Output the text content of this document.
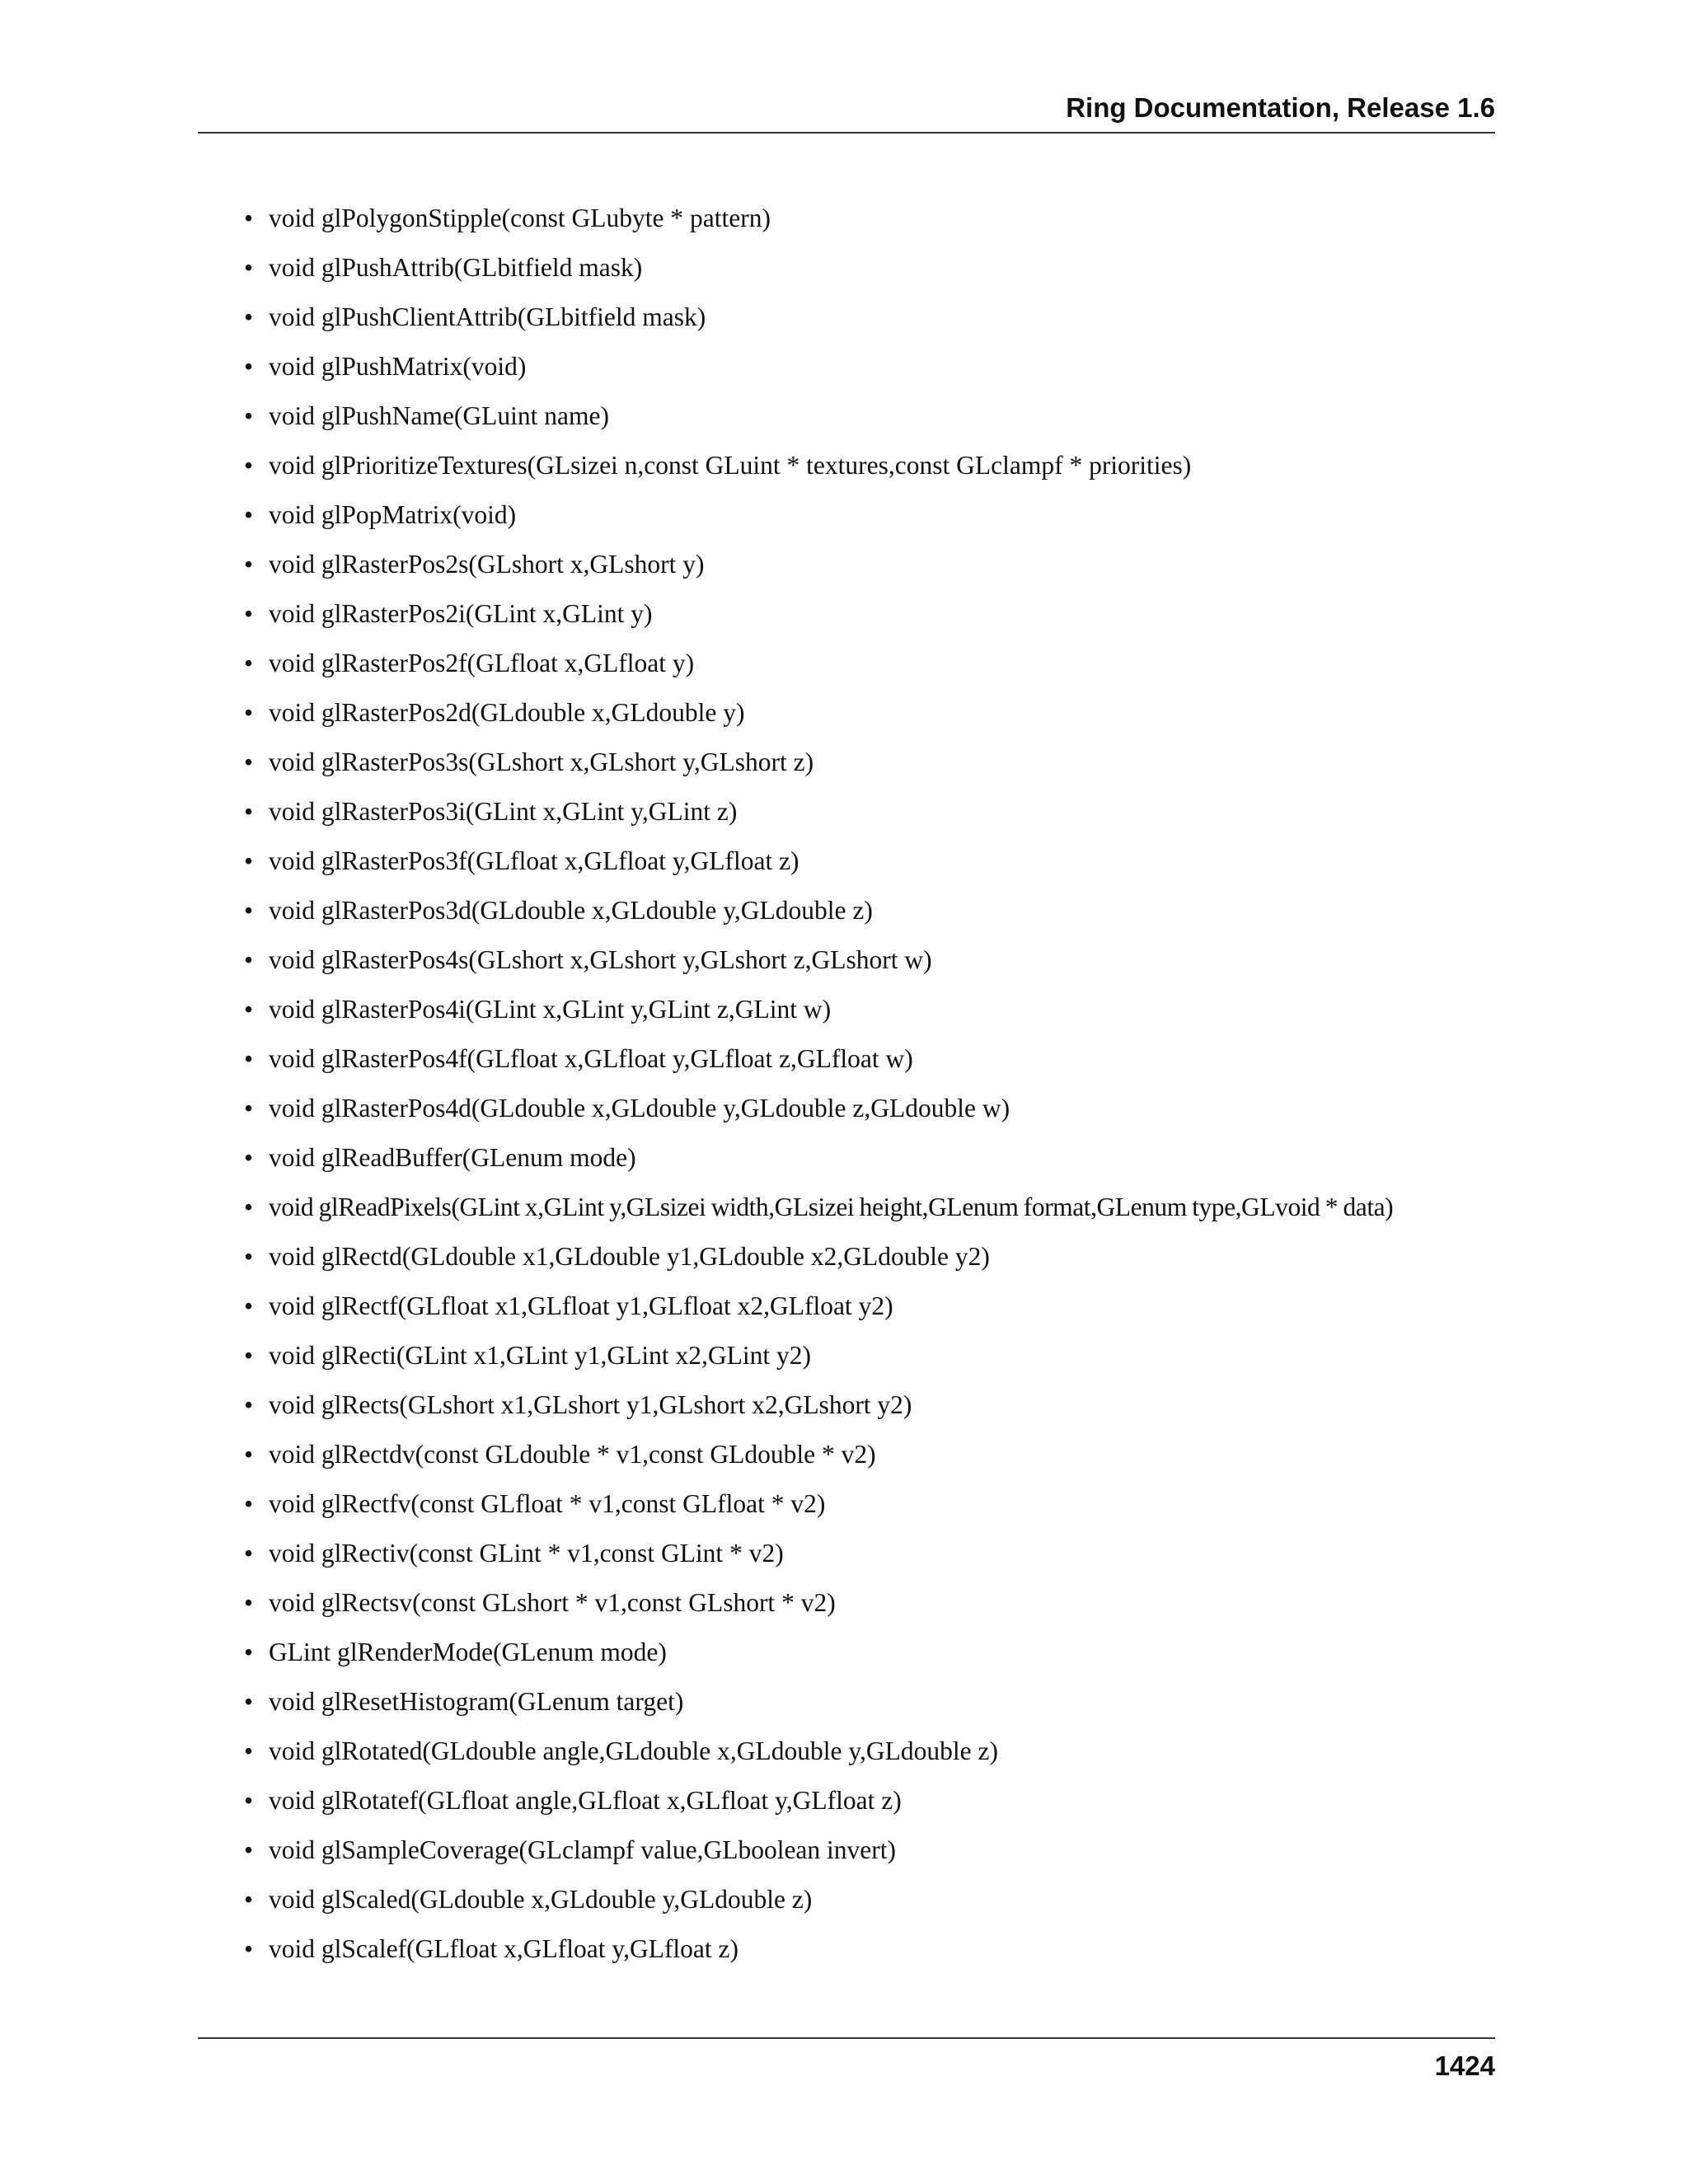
Ring Documentation, Release 1.6
• void glPolygonStipple(const GLubyte * pattern)
• void glPushAttrib(GLbitfield mask)
• void glPushClientAttrib(GLbitfield mask)
• void glPushMatrix(void)
• void glPushName(GLuint name)
• void glPrioritizeTextures(GLsizei n,const GLuint * textures,const GLclampf * priorities)
• void glPopMatrix(void)
• void glRasterPos2s(GLshort x,GLshort y)
• void glRasterPos2i(GLint x,GLint y)
• void glRasterPos2f(GLfloat x,GLfloat y)
• void glRasterPos2d(GLdouble x,GLdouble y)
• void glRasterPos3s(GLshort x,GLshort y,GLshort z)
• void glRasterPos3i(GLint x,GLint y,GLint z)
• void glRasterPos3f(GLfloat x,GLfloat y,GLfloat z)
• void glRasterPos3d(GLdouble x,GLdouble y,GLdouble z)
• void glRasterPos4s(GLshort x,GLshort y,GLshort z,GLshort w)
• void glRasterPos4i(GLint x,GLint y,GLint z,GLint w)
• void glRasterPos4f(GLfloat x,GLfloat y,GLfloat z,GLfloat w)
• void glRasterPos4d(GLdouble x,GLdouble y,GLdouble z,GLdouble w)
• void glReadBuffer(GLenum mode)
• void glReadPixels(GLint x,GLint y,GLsizei width,GLsizei height,GLenum format,GLenum type,GLvoid * data)
• void glRectd(GLdouble x1,GLdouble y1,GLdouble x2,GLdouble y2)
• void glRectf(GLfloat x1,GLfloat y1,GLfloat x2,GLfloat y2)
• void glRecti(GLint x1,GLint y1,GLint x2,GLint y2)
• void glRects(GLshort x1,GLshort y1,GLshort x2,GLshort y2)
• void glRectdv(const GLdouble * v1,const GLdouble * v2)
• void glRectfv(const GLfloat * v1,const GLfloat * v2)
• void glRectiv(const GLint * v1,const GLint * v2)
• void glRectsv(const GLshort * v1,const GLshort * v2)
• GLint glRenderMode(GLenum mode)
• void glResetHistogram(GLenum target)
• void glRotated(GLdouble angle,GLdouble x,GLdouble y,GLdouble z)
• void glRotatef(GLfloat angle,GLfloat x,GLfloat y,GLfloat z)
• void glSampleCoverage(GLclampf value,GLboolean invert)
• void glScaled(GLdouble x,GLdouble y,GLdouble z)
• void glScalef(GLfloat x,GLfloat y,GLfloat z)
1424
